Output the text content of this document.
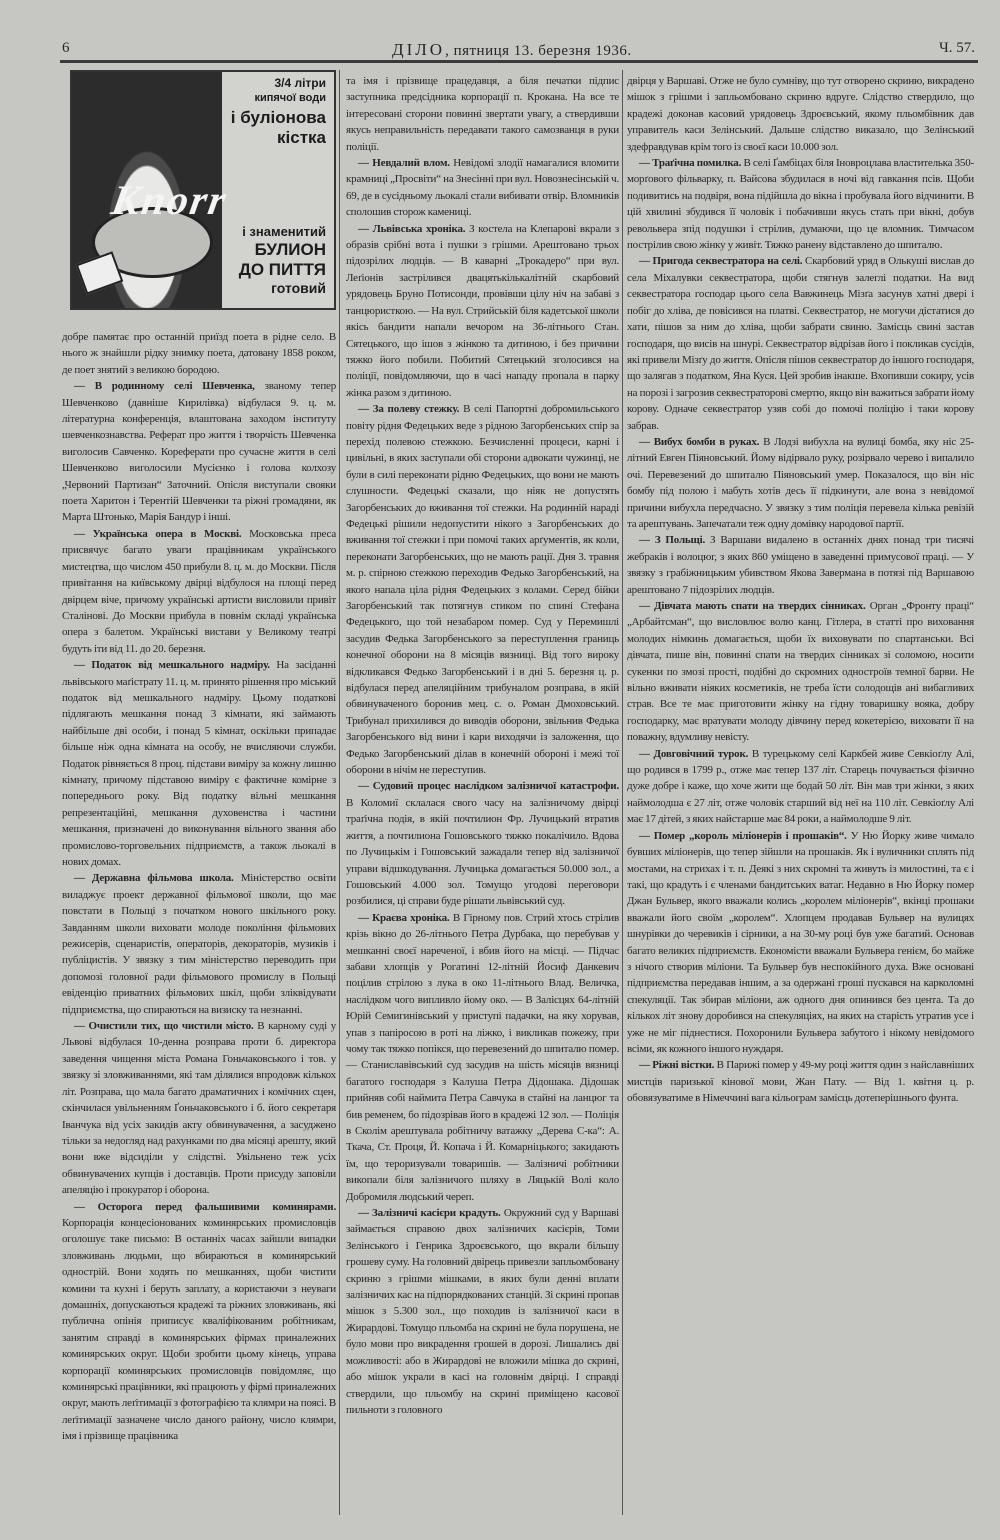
6	ДІЛО, пятниця 13. березня 1936.	Ч. 57.
3/4 літри
кипячої води
і буліонова
кістка
Knorr
і знаменитий
БУЛИОН
ДО ПИТТЯ
готовий

добре памятає про останній приїзд поета в рідне село. В нього ж знайшли рідку знимку поета, датовану 1858 роком, де поет знятий з великою бородою.

— В родинному селі Шевченка, званому тепер Шевченково (давніше Кирилівка) відбулася 9. ц. м. літературна конференція, влаштована заходом інституту шевченкознавства. Реферат про життя і творчість Шевченка виголосив Савченко. Кореферати про сучасне життя в селі Шевченково виголосили Мусієнко і голова колхозу „Червоний Партизан“ Заточний. Опісля виступали свояки поета Харитон і Терентій Шевченки та ріжні громадяни, як Марта Штонько, Марія Бандур і інші.

— Українська опера в Москві. Московська преса присвячує багато уваги працівникам українського мистецтва, що числом 450 прибули 8. ц. м. до Москви. Після привітання на київському двірці відбулося на площі перед двірцем віче, причому українські артисти висловили привіт Сталінові. До Москви прибула в повнім складі українська опера з балетом. Українські вистави у Великому театрі будуть іти від 11. до 20. березня.

— Податок від мешкального надміру. На засіданні львівського маґістрату 11. ц. м. принято рішення про міський податок від мешкального надміру. Цьому податкові підлягають мешкання понад 3 кімнати, які займають найбільше дві особи, і понад 5 кімнат, оскільки припадає більше ніж одна кімната на особу, не вчисляючи служби. Податок рівняється 8 проц. підстави вимiру за кожну лишню кімнату, причому підставою вимiру є фактичне комірне з попереднього року. Від податку вільні мешкання репрезентаційні, мешкання духовенства і частини мешкання, призначені до виконування вільного звання або промислово-торговельних підприємств, а також льокалі в нових домах.

— Державна фільмова школа. Міністерство освіти виладжує проект державної фільмової школи, що має повстати в Польщі з початком нового шкільного року. Завданням школи виховати молоде покоління фільмових режисерів, сценаристів, операторів, декораторів, музиків і публіцистів. У звязку з тим міністерство переводить при допомозі головної ради фільмового промислу в Польщі евіденцію приватних фільмових шкіл, щоби зліквідувати підприємства, що спираються на визиску та незнанні.

— Очистили тих, що чистили місто. В карному суді у Львові відбулася 10-денна розправа проти б. директора заведення чищення міста Романа Гоньчаковського і тов. у звязку зі зловживаннями, які там ділялися впродовж кількох літ. Розправа, що мала багато драматичних і комічних сцен, скінчилася увільненням Ґоньчаковського і б. його секретаря Іванчука від усіх закидів акту обвинувачення, а засуджено тільки за недогляд над рахунками по два місяці арешту, який вони вже відсиділи у слідстві. Увільнено теж усіх обвинувачених купців і доставців. Проти присуду заповіли апеляцію і прокуратор і оборона.

— Осторога перед фальшивими коминярами. Корпорація концесіонованих коминярських промисловців оголошує таке письмо: В останніх часах зайшли випадки зловживань людьми, що вбираються в коминярський однострій. Вони ходять по мешканнях, щоби чистити комини та кухні і беруть заплату, а користаючи з неуваги домашніх, допускаються крадежі та ріжних зловживань, які публична опінія приписує кваліфікованим робітникам, занятим справді в коминярських фірмах приналежних коминярських округ. Щоби зробити цьому кінець, управа корпорації коминярських промисловців повідомляє, що коминярські працівники, які працюють у фірмі приналежних округ, мають леґітимації з фотографією та клямри на поясі. В леґітимації зазначене число даного району, число клямри, імя і прізвище працівника

та імя і прізвище працедавця, а біля печатки підпис заступника предсідника корпорації п. Крокана. На все те інтересовані сторони повинні звертати увагу, а ствердивши якусь неправильність передавати такого самозванця в руки поліції.

— Невдалий влом. Невідомі злодії намагалися вломити крамниці „Просвіти“ на Знесінні при вул. Новознесінській ч. 69, де в сусідньому льокалі стали вибивати отвір. Вломників сполошив сторож камениці.

— Львівська хроніка. З костела на Клепарові вкрали з образів срібні вота і пушки з грішми. Арештовано трьох підозрілих людців. — В каварні „Трокадеро“ при вул. Леґіонів застрілився двацятькількалітній скарбовий урядовець Бруно Потисонди, провівши цілу ніч на забаві з танцюристкою. — На вул. Стрийській біля кадетської школи якісь бандити напали вечором на 36-літнього Стан. Сятецького, що ішов з жінкою та дитиною, і без причини тяжко його побили. Побитий Сятецький зголосився на поліції, повідомляючи, що в часі нападу пропала в парку жінка разом з дитиною.

— За полеву стежку. В селі Папортні добромильського повіту рідня Федецьких веде з рідною Загорбенських спір за перехід полевою стежкою. Безчисленні процеси, карні і цивільні, в яких заступали обі сторони адвокати чужинці, не були в силі переконати рідню Федецьких, що вони не мають слушности. Федецькі сказали, що ніяк не допустять Загорбенських до вживання тої стежки. На родинній нараді Федецькі рішили недопустити нікого з Загорбенських до вживання тої стежки і при помочі таких арґументів, як коли, переконати Загорбенських, що не мають рації. Дня 3. травня м. р. спірною стежкою переходив Федько Загорбенський, на якого напала ціла рідня Федецьких з колами. Серед бійки Загорбенський так потягнув стиком по спині Стефана Федецького, що той незабаром помер. Суд у Перемишлі засудив Федька Загорбенського за переступлення границь конечної оборони на 8 місяців вязниці. Від того вироку відкликався Федько Загорбенський і в дні 5. березня ц. р. відбулася перед апеляційним трибуналом розправа, в якій обвинуваченого боронив мец. с. о. Роман Дмоховський. Трибунал прихилився до виводів оборони, звільнив Федька Загорбенського від вини і кари виходячи із заложення, що Федько Загорбенський ділав в конечній обороні і межі тої оборони в нічім не переступив.

— Судовий процес наслідком залізничої катастрофи. В Коломиї склалася свого часу на залізничому двірці траґічна подія, в якій почтилион Фр. Лучицький втратив життя, а почтилиона Гошовського тяжко покалічило. Вдова по Лучицькім і Гошовський зажадали тепер від залізничої управи відшкодування. Лучицька домагається 50.000 зол., а Гошовський 4.000 зол. Томущо угодові переговори розбилися, ці справи буде рішати львівський суд.

— Краєва хроніка. В Гірному пов. Стрий хтось стрілив крізь вікно до 26-літнього Петра Дурбака, що перебував у мешканні своєї нареченої, і вбив його на місці. — Підчас забави хлопців у Рогатині 12-літній Йосиф Данкевич поцілив стрілою з лука в око 11-літнього Влад. Величка, наслідком чого випливло йому око. — В Залісцях 64-літній Юрій Семигинівський у приступі падачки, на яку хорував, упав з папіросою в роті на ліжко, і викликав пожежу, при чому так тяжко попікся, що перевезений до шпиталю помер. — Станиславівський суд засудив на шість місяців вязниці багатого господаря з Калуша Петра Дідошака. Дідошак прийняв собі наймита Петра Савчука в стайні на ланцюг та бив ременем, бо підозрівав його в крадежі 12 зол. — Поліція в Сколім арештувала робітничу ватажку „Дерева С-ка“: А. Ткача, Ст. Проця, Й. Копача і Й. Комарніцького; закидають їм, що тероризували товаришів. — Залізничі робітники викопали біля залізничого шляху в Ляцькій Волі коло Добромиля людський череп.

— Залізничі касієри крадуть. Окружний суд у Варшаві займається справою двох залізничих касієрів, Томи Зелінського і Генрика Здроєвського, що вкрали більшу грошеву суму. На головний двірець привезли запльомбовану скриню з грішми мішками, в яких були денні вплати залізничих кас на підпорядкованих станцій. Зі скрині пропав мішок з 5.300 зол., що походив із залізничої каси в Жирардові. Томущо пльомба на скрині не була порушена, не було мови про викрадення грошей в дорозі. Лишались дві можливості: або в Жирардові не вложили мішка до скрині, або мішок украли в касі на головнім двірці. І справді ствердили, що пльомбу на скрині приміщено касової пильноти з головного

двірця у Варшаві. Отже не було сумніву, що тут отворено скриню, викрадено мішок з грішми і запльомбовано скриню вдруге. Слідство ствердило, що крадежі доконав касовий урядовець Здроєвський, якому пльомбівник дав управитель каси Зелінський. Дальше слідство виказало, що Зелінський здефравдував крім того із своєї каси 10.000 зол.

— Траґічна помилка. В селі Ґамбіцах біля Іновроцлава властителька 350-морґового фільварку, п. Вайсова збудилася в ночі від гавкання псів. Щоби подивитись на подвіря, вона підійшла до вікна і пробувала його відчинити. В цій хвилині збудився її чоловік і побачивши якусь стать при вікні, добув револьвера зпід подушки і стрілив, думаючи, що це вломник. Тимчасом пострілив свою жінку у живіт. Тяжко ранену відставлено до шпиталю.

— Пригода секвестратора на селі. Скарбовий уряд в Олькуші вислав до села Міхалувки секвестратора, щоби стягнув залеглі податки. На вид секвестратора господар цього села Вавжинець Мізґа засунув хатні двері і побіг до хліва, де повісився на платві. Секвестратор, не могучи дістатися до хати, пішов за ним до хліва, щоби забрати свиню. Замісць свині застав господаря, що висів на шнурі. Секвестратор відрізав його і покликав сусідів, які привели Мізґу до життя. Опісля пішов секвестратор до іншого господаря, що залягав з податком, Яна Куся. Цей зробив інакше. Вхопивши сокиру, усів на порозі і загрозив секвестраторові смертю, якщо він важиться забрати йому корову. Одначе секвестратор узяв собі до помочі поліцію і таки корову забрав.

— Вибух бомби в руках. В Лодзі вибухла на вулиці бомба, яку ніс 25-літний Евген Піяновський. Йому відірвало руку, розірвало черево і випалило очі. Перевезений до шпиталю Піяновський умер. Показалося, що він ніс бомбу під полою і мабуть хотів десь її підкинути, але вона з невідомої причини вибухла передчасно. У звязку з тим поліція перевела кілька ревізій та арештувань. Запечатали теж одну домівку народової партії.

— З Польщі. З Варшави видалено в останніх днях понад три тисячі жебраків і волоцюг, з яких 860 уміщено в заведенні примусової праці. — У звязку з грабіжницьким убивством Якова Завермана в потязі під Варшавою арештовано 7 підозрілих людців.

— Дівчата мають спати на твердих сінниках. Орган „Фронту праці“ „Арбайтсман“, що висловлює волю канц. Гітлера, в статті про виховання молодих німкинь домагається, щоби їх виховувати по спартанськи. Всі дівчата, пише він, повинні спати на твердих сінниках зі соломою, носити сукенки по змозі прості, подібні до скромних одностроїв темної барви. Не вільно вживати ніяких косметиків, не треба їсти солодощів ані вибагливих страв. Все те має приготовити жінку на гідну товаришку вояка, добру господарку, має вратувати молоду дівчину перед кокетерією, виховати її на поважну, вдумливу невісту.

— Довговічний турок. В турецькому селі Каркбей живе Севкіоґлу Алі, що родився в 1799 р., отже має тепер 137 літ. Старець почувається фізично дуже добре і каже, що хоче жити ще бодай 50 літ. Він мав три жінки, з яких наймолодша є 27 літ, отже чоловік старший від неї на 110 літ. Севкіоґлу Алі має 17 дітей, з яких найстарше має 84 роки, а наймолодше 9 літ.

— Помер „король міліонерів і прошаків“. У Ню Йорку живе чимало бувших міліонерів, що тепер зійшли на прошаків. Як і вуличники сплять під мостами, на стрихах і т. п. Деякі з них скромні та живуть із милостині, та є і такі, що крадуть і є членами бандитських ватаг. Недавно в Ню Йорку помер Джан Бульвер, якого вважали колись „королем міліонерів“, вкінці прошаки вважали його своїм „королем“. Хлопцем продавав Бульвер на вулицях шнурівки до черевиків і сірники, а на 30-му році був уже багатий. Основав багато великих підприємств. Економісти вважали Бульвера генієм, бо майже з нічого створив міліони. Та Бульвер був неспокійного духа. Вже основані підприємства передавав іншим, а за одержані гроші пускався на карколомні спекуляції. Так збирав міліони, аж одного дня опинився без цента. Та до кількох літ знову доробився на спекуляціях, на яких на старість утратив усе і уже не міг піднестися. Похоронили Бульвера забутого і нікому невідомого всіми, як кожного іншого нуждаря.

— Ріжні вістки. В Парижі помер у 49-му році життя один з найславніших мистців паризької кінової мови, Жан Пату. — Від 1. квітня ц. р. обовязуватиме в Німеччині вага кільограм замісць дотеперішнього фунта.
